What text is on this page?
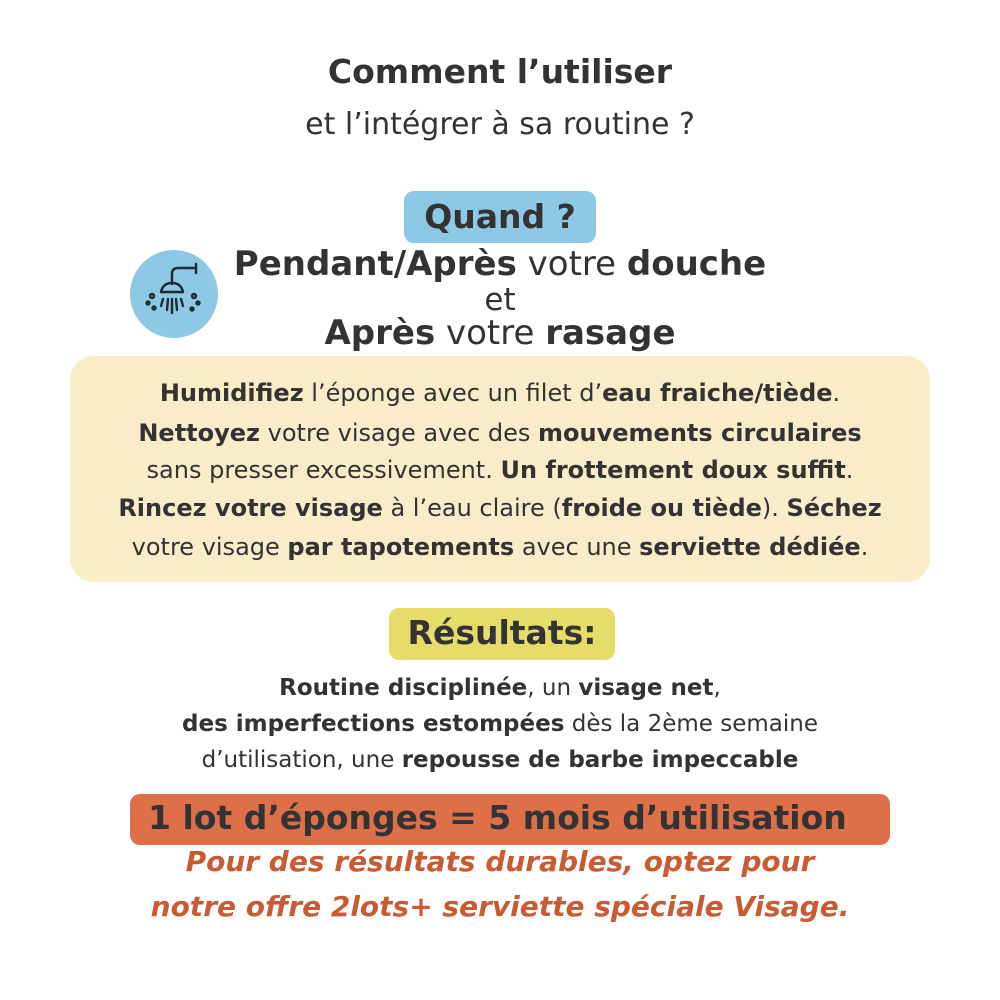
Comment l’utiliser
et l’intégrer à sa routine ?
Quand ?
Pendant/Après votre douche
et
Après votre rasage
Humidifiez l’éponge avec un filet d’eau fraiche/tiède.
Nettoyez votre visage avec des mouvements circulaires
sans presser excessivement. Un frottement doux suffit.
Rincez votre visage à l’eau claire (froide ou tiède). Séchez
votre visage par tapotements avec une serviette dédiée.
Résultats:
Routine disciplinée, un visage net,
des imperfections estompées dès la 2ème semaine
d’utilisation, une repousse de barbe impeccable
1 lot d’éponges = 5 mois d’utilisation
Pour des résultats durables, optez pour
notre offre 2lots+ serviette spéciale Visage.
